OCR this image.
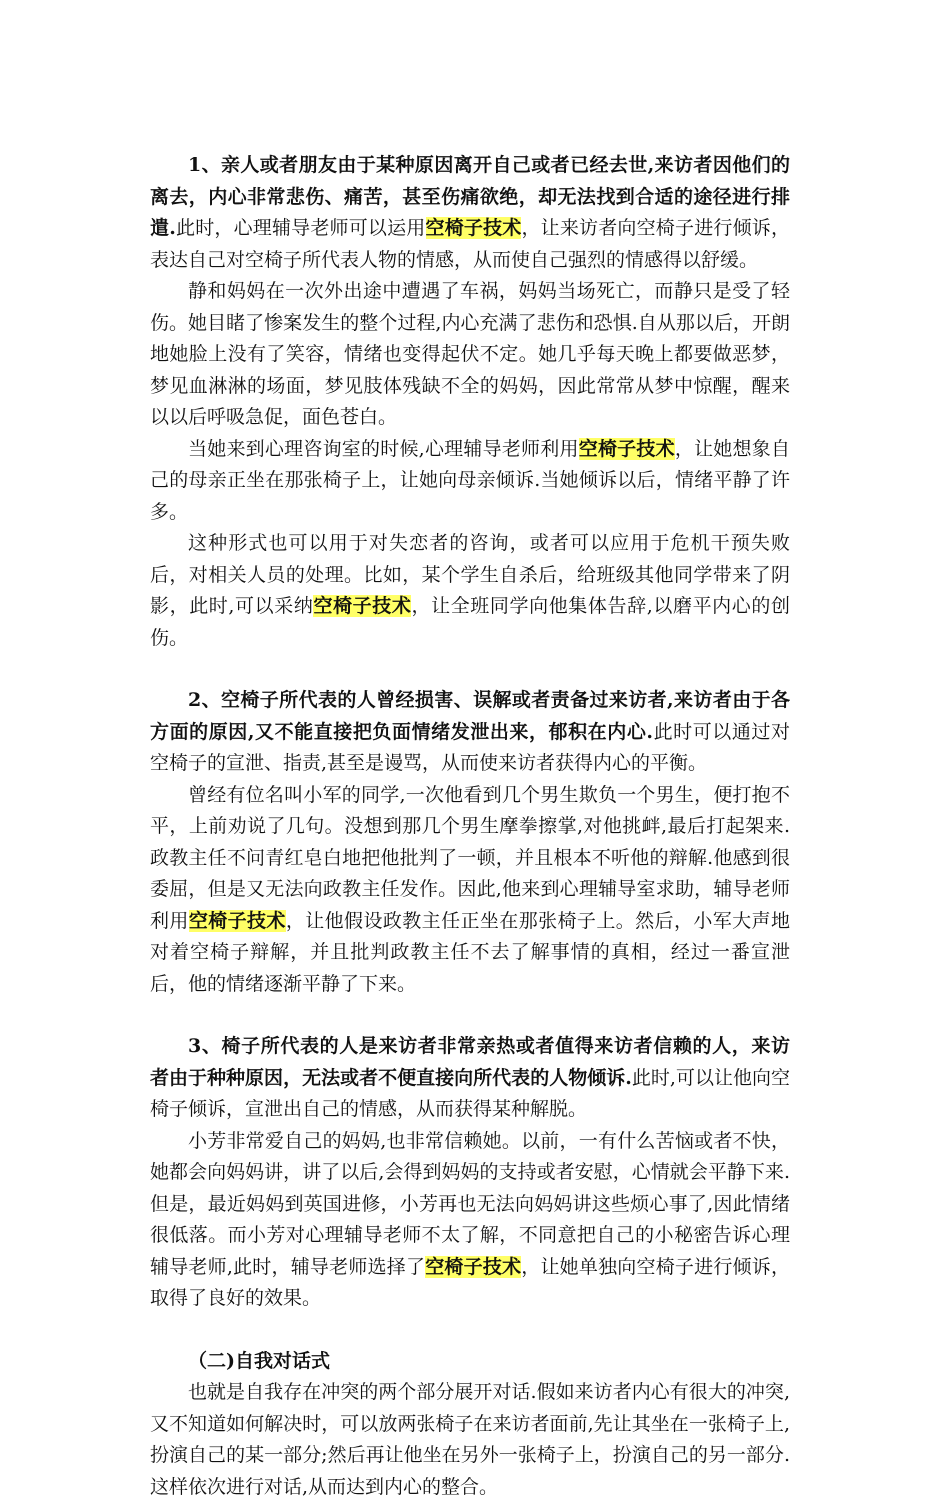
1、亲人或者朋友由于某种原因离开自己或者已经去世,来访者因他们的离去，内心非常悲伤、痛苦，甚至伤痛欲绝，却无法找到合适的途径进行排遣.此时，心理辅导老师可以运用空椅子技术，让来访者向空椅子进行倾诉，表达自己对空椅子所代表人物的情感，从而使自己强烈的情感得以舒缓。

静和妈妈在一次外出途中遭遇了车祸，妈妈当场死亡，而静只是受了轻伤。她目睹了惨案发生的整个过程,内心充满了悲伤和恐惧.自从那以后，开朗地她脸上没有了笑容，情绪也变得起伏不定。她几乎每天晚上都要做恶梦，梦见血淋淋的场面，梦见肢体残缺不全的妈妈，因此常常从梦中惊醒，醒来以以后呼吸急促，面色苍白。

当她来到心理咨询室的时候,心理辅导老师利用空椅子技术，让她想象自己的母亲正坐在那张椅子上，让她向母亲倾诉.当她倾诉以后，情绪平静了许多。

这种形式也可以用于对失恋者的咨询，或者可以应用于危机干预失败后，对相关人员的处理。比如，某个学生自杀后，给班级其他同学带来了阴影，此时,可以采纳空椅子技术，让全班同学向他集体告辞,以磨平内心的创伤。

2、空椅子所代表的人曾经损害、误解或者责备过来访者,来访者由于各方面的原因,又不能直接把负面情绪发泄出来，郁积在内心.此时可以通过对空椅子的宣泄、指责,甚至是谩骂，从而使来访者获得内心的平衡。

曾经有位名叫小军的同学,一次他看到几个男生欺负一个男生，便打抱不平，上前劝说了几句。没想到那几个男生摩拳擦掌,对他挑衅,最后打起架来.政教主任不问青红皂白地把他批判了一顿，并且根本不听他的辩解.他感到很委屈，但是又无法向政教主任发作。因此,他来到心理辅导室求助，辅导老师利用空椅子技术，让他假设政教主任正坐在那张椅子上。然后，小军大声地对着空椅子辩解，并且批判政教主任不去了解事情的真相，经过一番宣泄后，他的情绪逐渐平静了下来。

3、椅子所代表的人是来访者非常亲热或者值得来访者信赖的人，来访者由于种种原因，无法或者不便直接向所代表的人物倾诉.此时,可以让他向空椅子倾诉，宣泄出自己的情感，从而获得某种解脱。

小芳非常爱自己的妈妈,也非常信赖她。以前，一有什么苦恼或者不快，她都会向妈妈讲，讲了以后,会得到妈妈的支持或者安慰，心情就会平静下来.但是，最近妈妈到英国进修，小芳再也无法向妈妈讲这些烦心事了,因此情绪很低落。而小芳对心理辅导老师不太了解，不同意把自己的小秘密告诉心理辅导老师,此时，辅导老师选择了空椅子技术，让她单独向空椅子进行倾诉，取得了良好的效果。

（二)自我对话式

也就是自我存在冲突的两个部分展开对话.假如来访者内心有很大的冲突,又不知道如何解决时，可以放两张椅子在来访者面前,先让其坐在一张椅子上,扮演自己的某一部分;然后再让他坐在另外一张椅子上，扮演自己的另一部分.这样依次进行对话,从而达到内心的整合。
